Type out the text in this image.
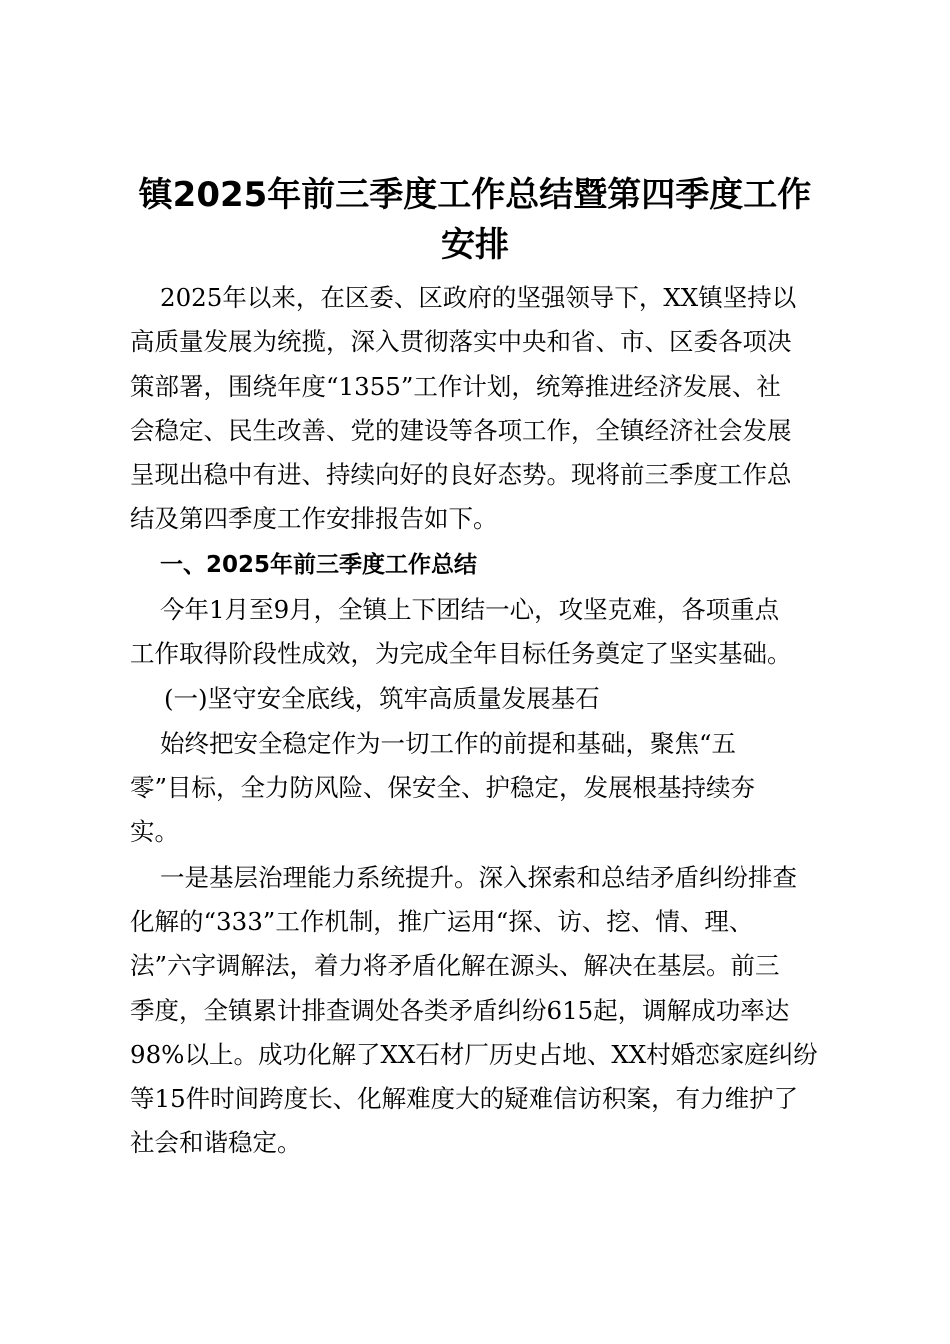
镇2025年前三季度工作总结暨第四季度工作
安排
2025年以来，在区委、区政府的坚强领导下，XX镇坚持以
高质量发展为统揽，深入贯彻落实中央和省、市、区委各项决
策部署，围绕年度“1355”工作计划，统筹推进经济发展、社
会稳定、民生改善、党的建设等各项工作，全镇经济社会发展
呈现出稳中有进、持续向好的良好态势。现将前三季度工作总
结及第四季度工作安排报告如下。
一、2025年前三季度工作总结
今年1月至9月，全镇上下团结一心，攻坚克难，各项重点
工作取得阶段性成效，为完成全年目标任务奠定了坚实基础。
(一)坚守安全底线，筑牢高质量发展基石
始终把安全稳定作为一切工作的前提和基础，聚焦“五
零”目标，全力防风险、保安全、护稳定，发展根基持续夯
实。
一是基层治理能力系统提升。深入探索和总结矛盾纠纷排查
化解的“333”工作机制，推广运用“探、访、挖、情、理、
法”六字调解法，着力将矛盾化解在源头、解决在基层。前三
季度，全镇累计排查调处各类矛盾纠纷615起，调解成功率达
98%以上。成功化解了XX石材厂历史占地、XX村婚恋家庭纠纷
等15件时间跨度长、化解难度大的疑难信访积案，有力维护了
社会和谐稳定。
